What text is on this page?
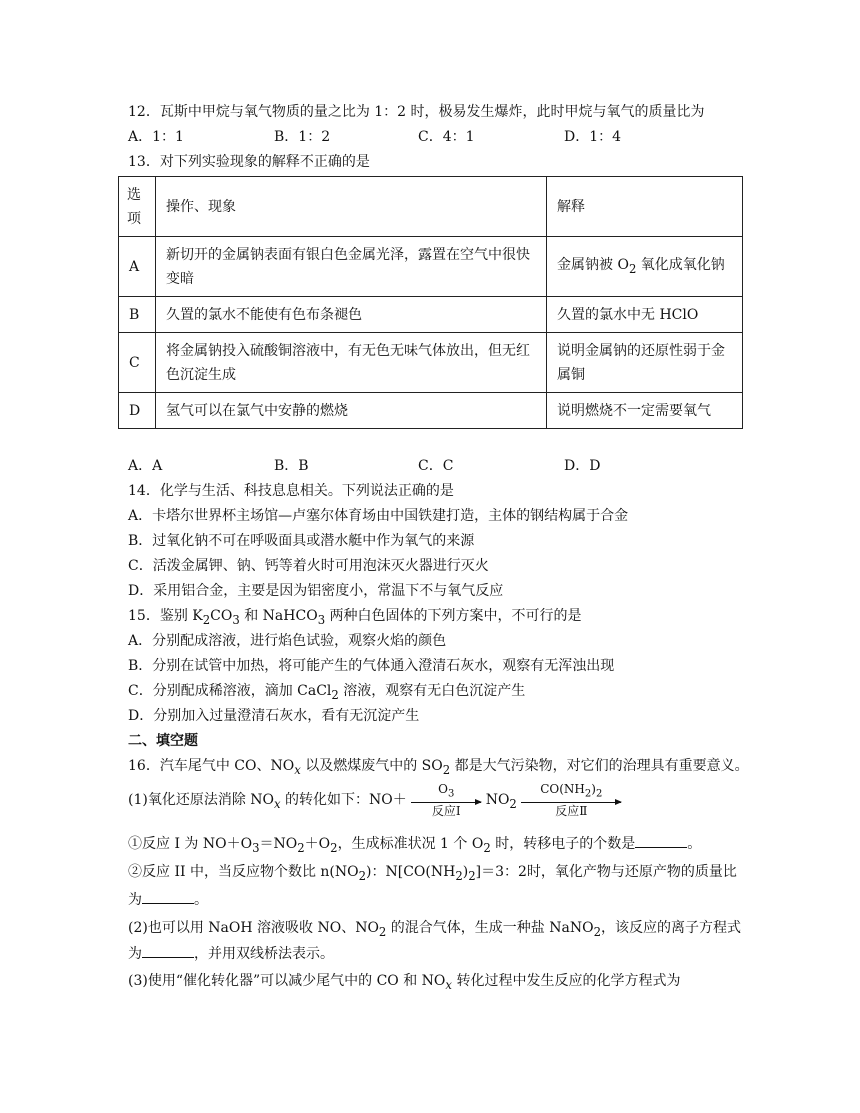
12．瓦斯中甲烷与氧气物质的量之比为 1：2 时，极易发生爆炸，此时甲烷与氧气的质量比为
A．1：1	B．1：2	C．4：1	D．1：4
13．对下列实验现象的解释不正确的是
选项	操作、现象	解释
A	新切开的金属钠表面有银白色金属光泽，露置在空气中很快变暗	金属钠被 $O_2$ 氧化成氧化钠
B	久置的氯水不能使有色布条褪色	久置的氯水中无 HClO
C	将金属钠投入硫酸铜溶液中，有无色无味气体放出，但无红色沉淀生成	说明金属钠的还原性弱于金属铜
D	氢气可以在氯气中安静的燃烧	说明燃烧不一定需要氧气
A．A	B．B	C．C	D．D
14．化学与生活、科技息息相关。下列说法正确的是
A．卡塔尔世界杯主场馆—卢塞尔体育场由中国铁建打造，主体的钢结构属于合金
B．过氧化钠不可在呼吸面具或潜水艇中作为氧气的来源
C．活泼金属钾、钠、钙等着火时可用泡沫灭火器进行灭火
D．采用铝合金，主要是因为铝密度小，常温下不与氧气反应
15．鉴别 $K_2CO_3$ 和 NaHCO$_3$ 两种白色固体的下列方案中，不可行的是
A．分别配成溶液，进行焰色试验，观察火焰的颜色
B．分别在试管中加热，将可能产生的气体通入澄清石灰水，观察有无浑浊出现
C．分别配成稀溶液，滴加 CaCl$_2$ 溶液，观察有无白色沉淀产生
D．分别加入过量澄清石灰水，看有无沉淀产生
二、填空题
16．汽车尾气中 CO、$NO_x$ 以及燃煤废气中的 $SO_2$ 都是大气污染物，对它们的治理具有重要意义。
(1)氧化还原法消除 $NO_x$ 的转化如下：NO＋
$O_3$
反应Ⅰ
$NO_2$
$CO(NH_2)_2$
反应Ⅱ
①反应 I 为 $NO+O_3=NO_2+O_2$，生成标准状况 1 个 $O_2$ 时，转移电子的个数是	。
②反应 II 中，当反应物个数比 $n(NO_2)$：$N[CO(NH_2)_2]=3$：2时，氧化产物与还原产物的质量比
为	。
(2)也可以用 NaOH 溶液吸收 NO、$NO_2$ 的混合气体，生成一种盐 NaNO$_2$，该反应的离子方程式
为	，并用双线桥法表示。
(3)使用“催化转化器”可以减少尾气中的 CO 和 $NO_x$ 转化过程中发生反应的化学方程式为
